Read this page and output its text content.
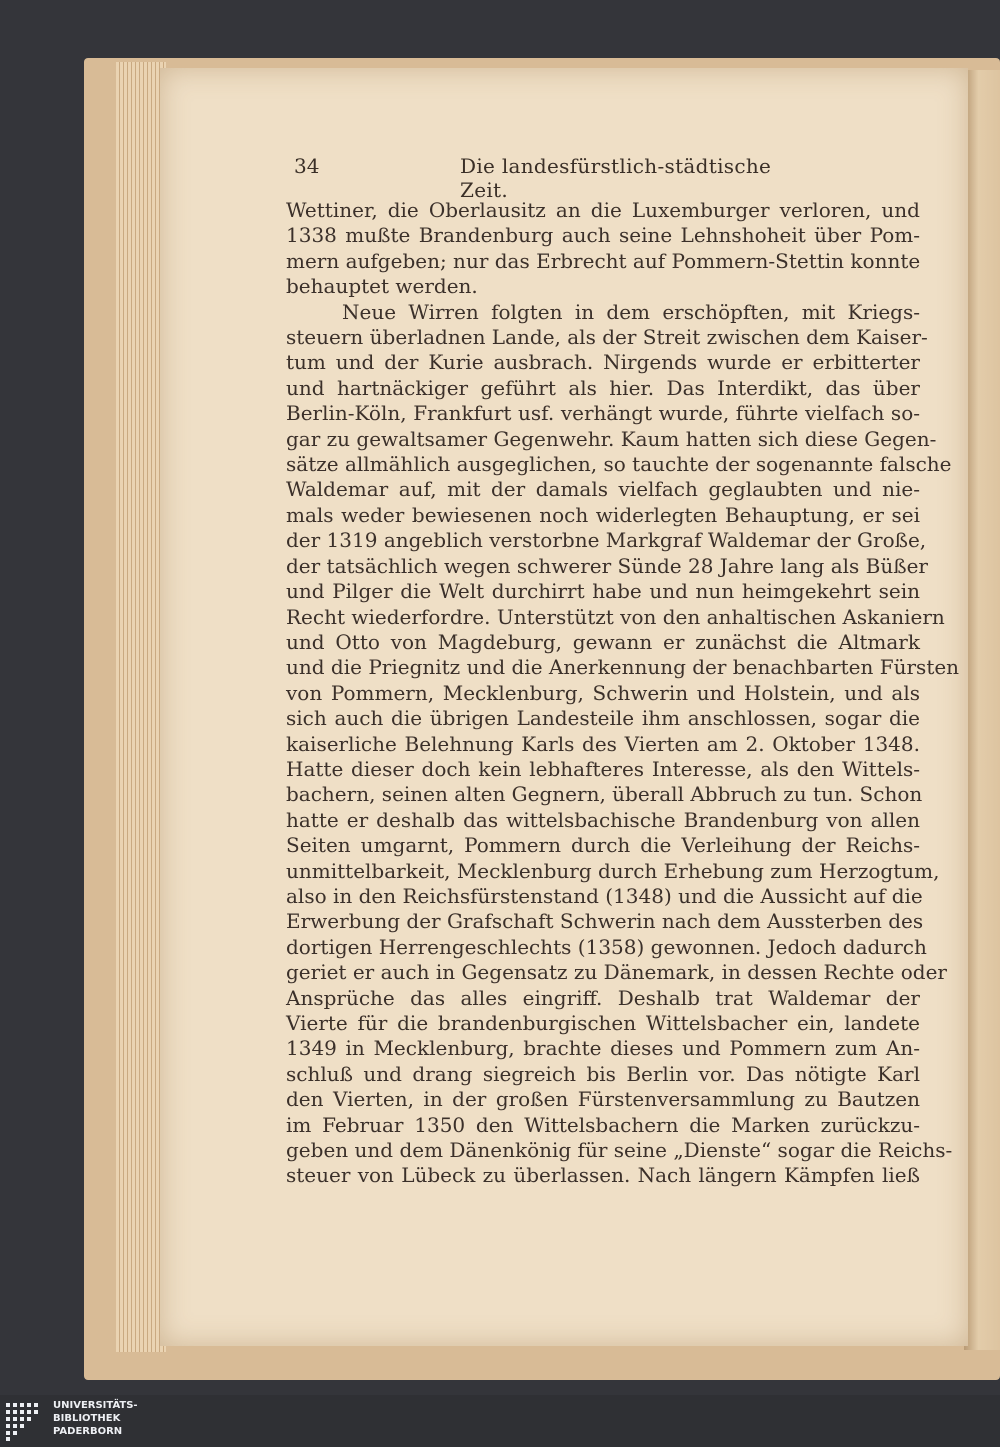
34	Die landesfürstlich-städtische Zeit.
Wettiner, die Oberlausitz an die Luxemburger verloren, und
1338 mußte Brandenburg auch seine Lehnshoheit über Pom-
mern aufgeben; nur das Erbrecht auf Pommern-Stettin konnte
behauptet werden.
Neue Wirren folgten in dem erschöpften, mit Kriegs-
steuern überladnen Lande, als der Streit zwischen dem Kaiser-
tum und der Kurie ausbrach. Nirgends wurde er erbitterter
und hartnäckiger geführt als hier. Das Interdikt, das über
Berlin-Köln, Frankfurt usf. verhängt wurde, führte vielfach so-
gar zu gewaltsamer Gegenwehr. Kaum hatten sich diese Gegen-
sätze allmählich ausgeglichen, so tauchte der sogenannte falsche
Waldemar auf, mit der damals vielfach geglaubten und nie-
mals weder bewiesenen noch widerlegten Behauptung, er sei
der 1319 angeblich verstorbne Markgraf Waldemar der Große,
der tatsächlich wegen schwerer Sünde 28 Jahre lang als Büßer
und Pilger die Welt durchirrt habe und nun heimgekehrt sein
Recht wiederfordre. Unterstützt von den anhaltischen Askaniern
und Otto von Magdeburg, gewann er zunächst die Altmark
und die Priegnitz und die Anerkennung der benachbarten Fürsten
von Pommern, Mecklenburg, Schwerin und Holstein, und als
sich auch die übrigen Landesteile ihm anschlossen, sogar die
kaiserliche Belehnung Karls des Vierten am 2. Oktober 1348.
Hatte dieser doch kein lebhafteres Interesse, als den Wittels-
bachern, seinen alten Gegnern, überall Abbruch zu tun. Schon
hatte er deshalb das wittelsbachische Brandenburg von allen
Seiten umgarnt, Pommern durch die Verleihung der Reichs-
unmittelbarkeit, Mecklenburg durch Erhebung zum Herzogtum,
also in den Reichsfürstenstand (1348) und die Aussicht auf die
Erwerbung der Grafschaft Schwerin nach dem Aussterben des
dortigen Herrengeschlechts (1358) gewonnen. Jedoch dadurch
geriet er auch in Gegensatz zu Dänemark, in dessen Rechte oder
Ansprüche das alles eingriff. Deshalb trat Waldemar der
Vierte für die brandenburgischen Wittelsbacher ein, landete
1349 in Mecklenburg, brachte dieses und Pommern zum An-
schluß und drang siegreich bis Berlin vor. Das nötigte Karl
den Vierten, in der großen Fürstenversammlung zu Bautzen
im Februar 1350 den Wittelsbachern die Marken zurückzu-
geben und dem Dänenkönig für seine „Dienste“ sogar die Reichs-
steuer von Lübeck zu überlassen. Nach längern Kämpfen ließ
UNIVERSITÄTS-
BIBLIOTHEK
PADERBORN
